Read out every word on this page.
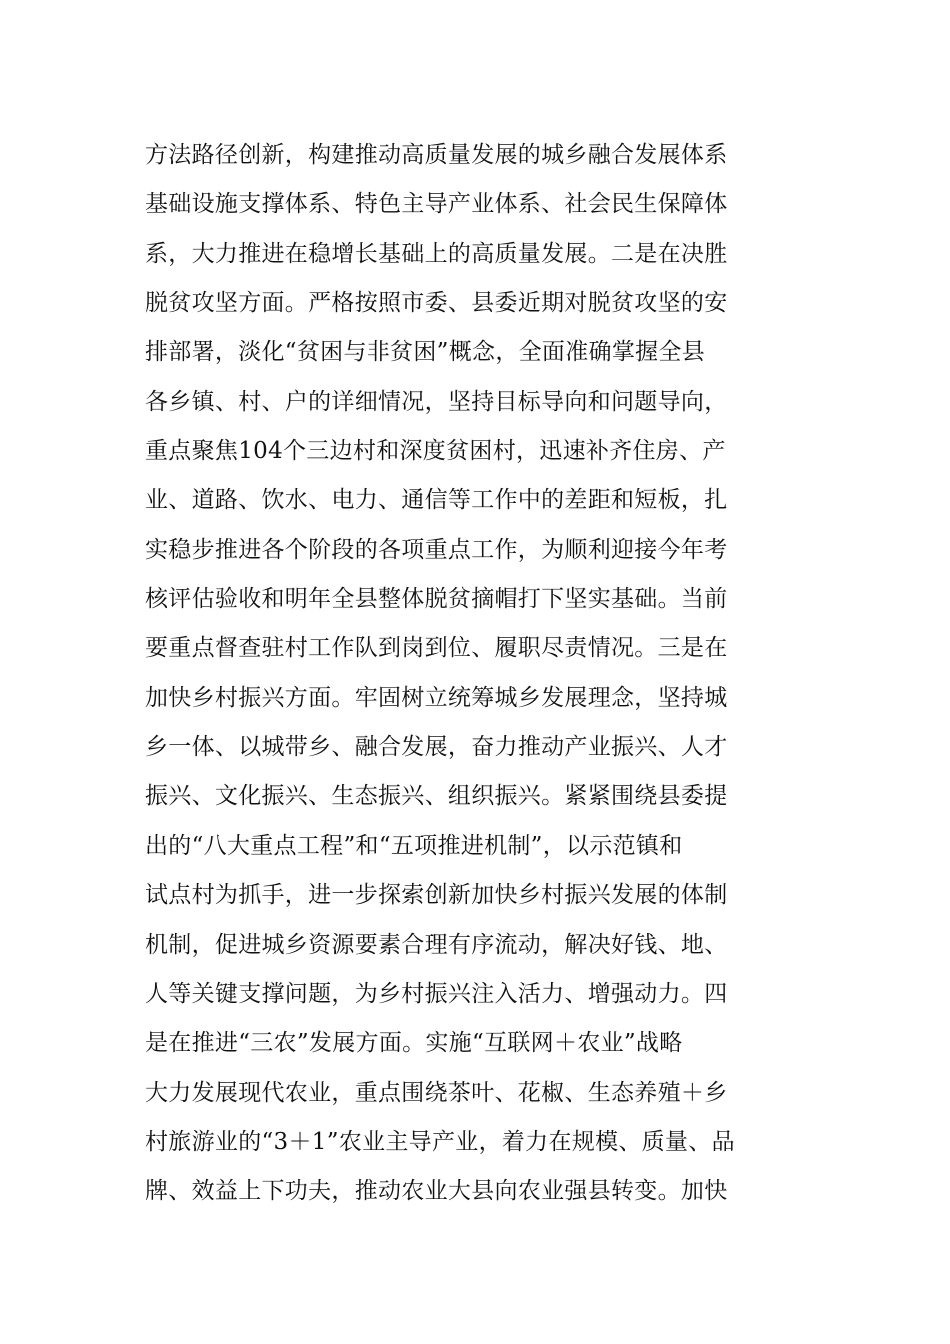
方法路径创新，构建推动高质量发展的城乡融合发展体系
基础设施支撑体系、特色主导产业体系、社会民生保障体
系，大力推进在稳增长基础上的高质量发展。二是在决胜
脱贫攻坚方面。严格按照市委、县委近期对脱贫攻坚的安
排部署，淡化“贫困与非贫困”概念，全面准确掌握全县
各乡镇、村、户的详细情况，坚持目标导向和问题导向，
重点聚焦104个三边村和深度贫困村，迅速补齐住房、产
业、道路、饮水、电力、通信等工作中的差距和短板，扎
实稳步推进各个阶段的各项重点工作，为顺利迎接今年考
核评估验收和明年全县整体脱贫摘帽打下坚实基础。当前
要重点督查驻村工作队到岗到位、履职尽责情况。三是在
加快乡村振兴方面。牢固树立统筹城乡发展理念，坚持城
乡一体、以城带乡、融合发展，奋力推动产业振兴、人才
振兴、文化振兴、生态振兴、组织振兴。紧紧围绕县委提
出的“八大重点工程”和“五项推进机制”，以示范镇和
试点村为抓手，进一步探索创新加快乡村振兴发展的体制
机制，促进城乡资源要素合理有序流动，解决好钱、地、
人等关键支撑问题，为乡村振兴注入活力、增强动力。四
是在推进“三农”发展方面。实施“互联网＋农业”战略
大力发展现代农业，重点围绕茶叶、花椒、生态养殖＋乡
村旅游业的“3＋1”农业主导产业，着力在规模、质量、品
牌、效益上下功夫，推动农业大县向农业强县转变。加快
